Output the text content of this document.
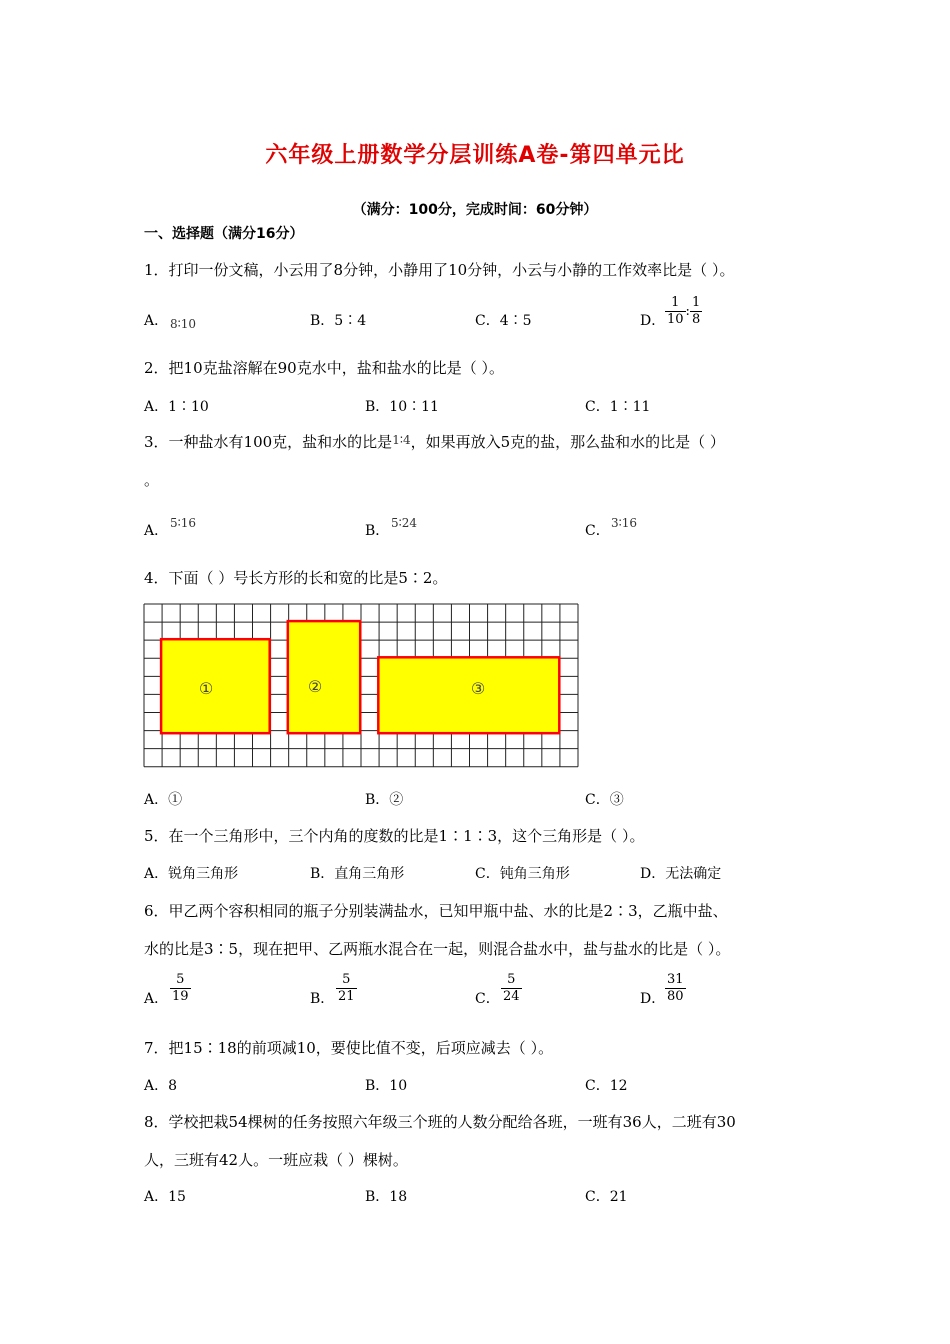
六年级上册数学分层训练A卷-第四单元比
（满分：100分，完成时间：60分钟）
一、选择题（满分16分）
1．打印一份文稿，小云用了8分钟，小静用了10分钟，小云与小静的工作效率比是（ ）。
A． 8∶10	B．5∶4	C．4∶5	D． $\frac{1}{10}$ : $\frac{1}{8}$
2．把10克盐溶解在90克水中，盐和盐水的比是（ ）。
A．1∶10	B．10∶11	C．1∶11
3．一种盐水有100克，盐和水的比是$^{1∶4}$，如果再放入5克的盐，那么盐和水的比是（ ）
。
A． 5∶16	B． 5∶24	C． 3∶16
4．下面（ ）号长方形的长和宽的比是5∶2。
①	②	③
A．①	B．②	C．③
5．在一个三角形中，三个内角的度数的比是1∶1∶3，这个三角形是（ ）。
A．锐角三角形	B．直角三角形	C．钝角三角形	D．无法确定
6．甲乙两个容积相同的瓶子分别装满盐水，已知甲瓶中盐、水的比是2∶3，乙瓶中盐、
水的比是3∶5，现在把甲、乙两瓶水混合在一起，则混合盐水中，盐与盐水的比是（ ）。
A． $\frac{5}{19}$	B． $\frac{5}{21}$	C． $\frac{5}{24}$	D． $\frac{31}{80}$
7．把15∶18的前项减10，要使比值不变，后项应减去（ ）。
A．8	B．10	C．12
8．学校把栽54棵树的任务按照六年级三个班的人数分配给各班，一班有36人，二班有30
人，三班有42人。一班应栽（ ）棵树。
A．15	B．18	C．21
